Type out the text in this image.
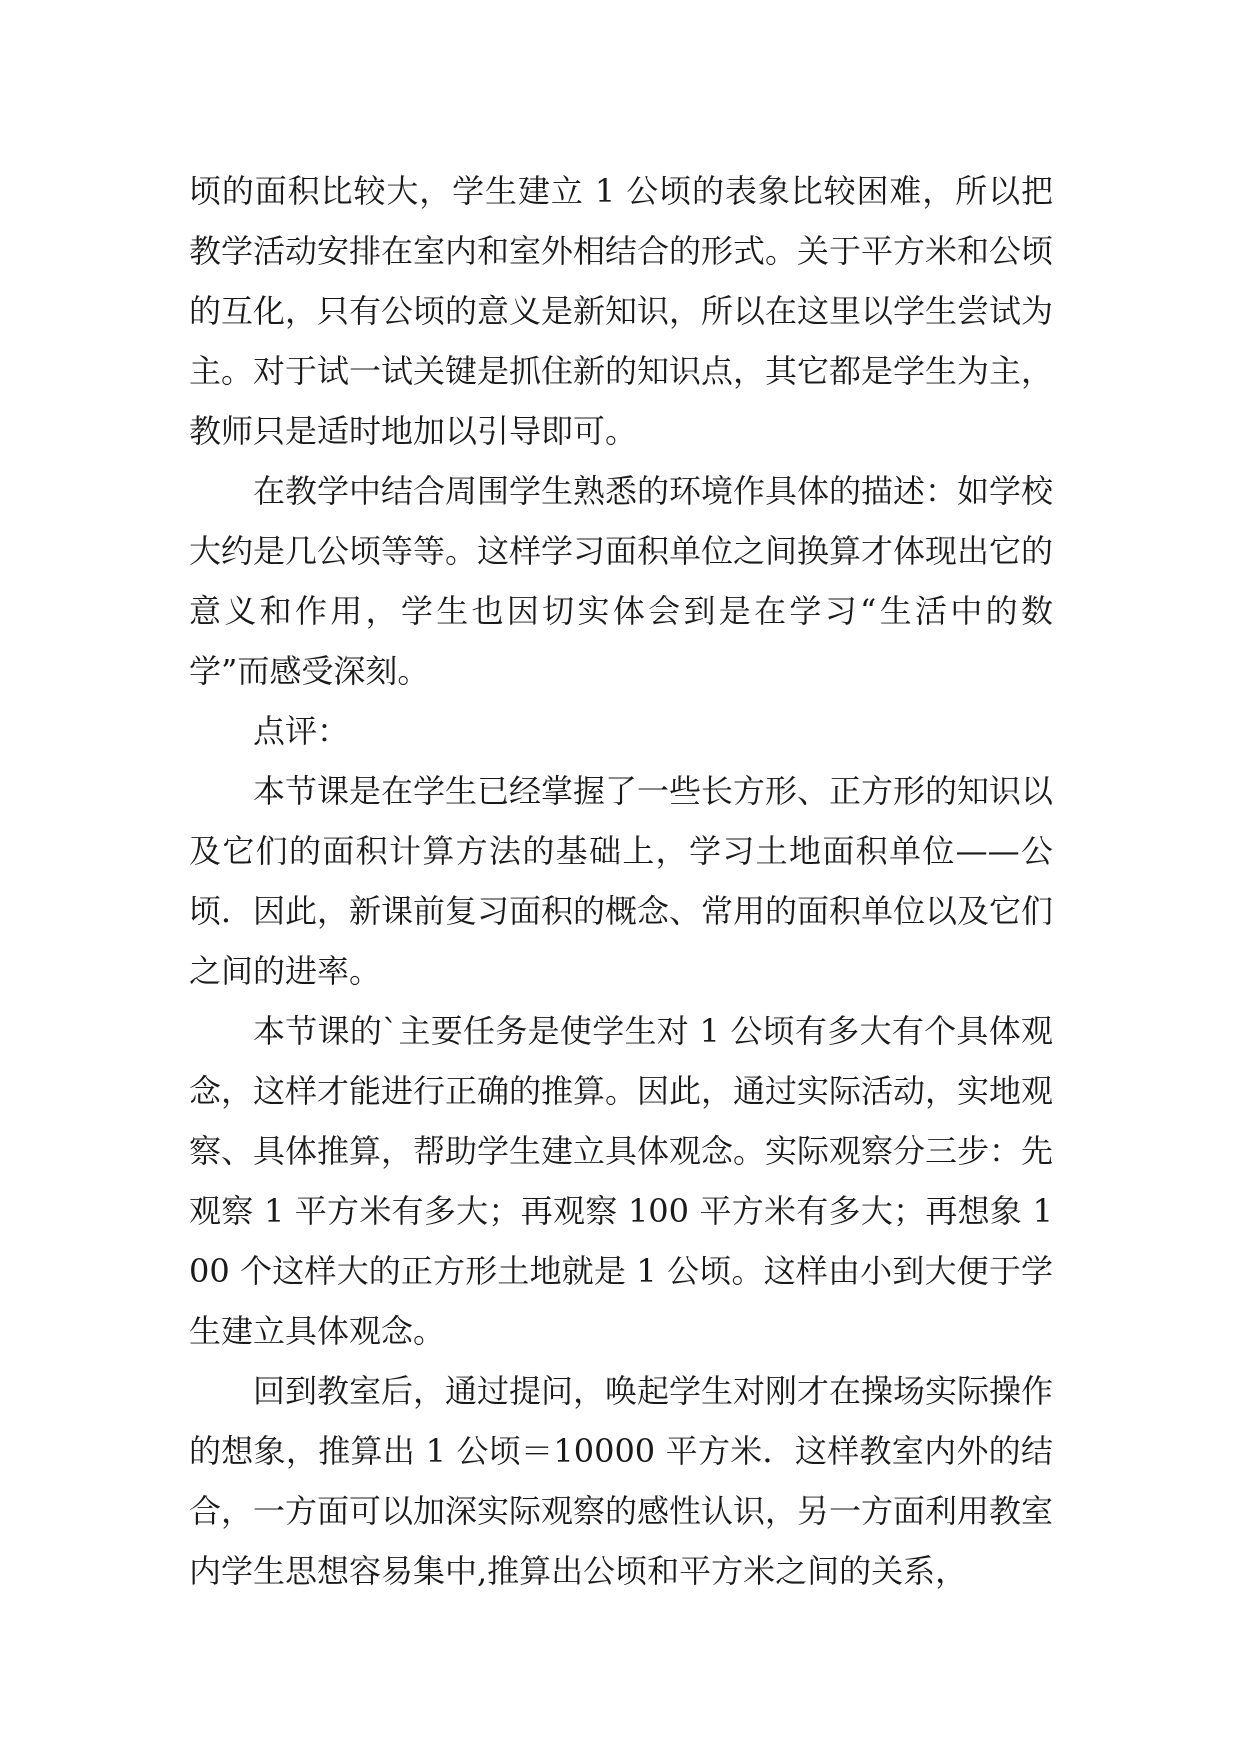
顷的面积比较大，学生建立 1 公顷的表象比较困难，所以把教学活动安排在室内和室外相结合的形式。关于平方米和公顷的互化，只有公顷的意义是新知识，所以在这里以学生尝试为主。对于试一试关键是抓住新的知识点，其它都是学生为主，教师只是适时地加以引导即可。

在教学中结合周围学生熟悉的环境作具体的描述：如学校大约是几公顷等等。这样学习面积单位之间换算才体现出它的意义和作用，学生也因切实体会到是在学习“生活中的数学”而感受深刻。

点评：

本节课是在学生已经掌握了一些长方形、正方形的知识以及它们的面积计算方法的基础上，学习土地面积单位——公顷．因此，新课前复习面积的概念、常用的面积单位以及它们之间的进率。

本节课的`主要任务是使学生对 1 公顷有多大有个具体观念，这样才能进行正确的推算。因此，通过实际活动，实地观察、具体推算，帮助学生建立具体观念。实际观察分三步：先观察 1 平方米有多大；再观察 100 平方米有多大；再想象 100 个这样大的正方形土地就是 1 公顷。这样由小到大便于学生建立具体观念。

回到教室后，通过提问，唤起学生对刚才在操场实际操作的想象，推算出 1 公顷＝10000 平方米．这样教室内外的结合，一方面可以加深实际观察的感性认识，另一方面利用教室内学生思想容易集中,推算出公顷和平方米之间的关系，
